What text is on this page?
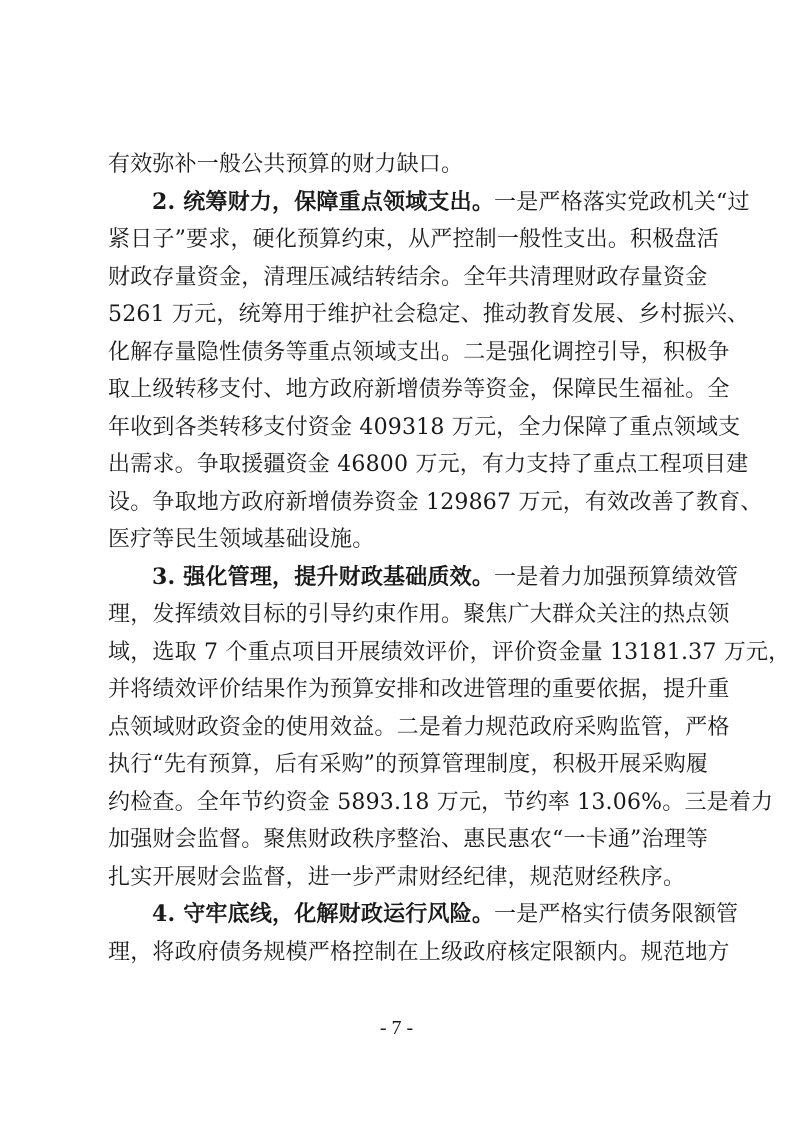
有效弥补一般公共预算的财力缺口。
2. 统筹财力，保障重点领域支出。一是严格落实党政机关“过
紧日子”要求，硬化预算约束，从严控制一般性支出。积极盘活
财政存量资金，清理压减结转结余。全年共清理财政存量资金
5261 万元，统筹用于维护社会稳定、推动教育发展、乡村振兴、
化解存量隐性债务等重点领域支出。二是强化调控引导，积极争
取上级转移支付、地方政府新增债券等资金，保障民生福祉。全
年收到各类转移支付资金 409318 万元，全力保障了重点领域支
出需求。争取援疆资金 46800 万元，有力支持了重点工程项目建
设。争取地方政府新增债券资金 129867 万元，有效改善了教育、
医疗等民生领域基础设施。
3. 强化管理，提升财政基础质效。一是着力加强预算绩效管
理，发挥绩效目标的引导约束作用。聚焦广大群众关注的热点领
域，选取 7 个重点项目开展绩效评价，评价资金量 13181.37 万元，
并将绩效评价结果作为预算安排和改进管理的重要依据，提升重
点领域财政资金的使用效益。二是着力规范政府采购监管，严格
执行“先有预算，后有采购”的预算管理制度，积极开展采购履
约检查。全年节约资金 5893.18 万元，节约率 13.06%。三是着力
加强财会监督。聚焦财政秩序整治、惠民惠农“一卡通”治理等
扎实开展财会监督，进一步严肃财经纪律，规范财经秩序。
4. 守牢底线，化解财政运行风险。一是严格实行债务限额管
理，将政府债务规模严格控制在上级政府核定限额内。规范地方
- 7 -
